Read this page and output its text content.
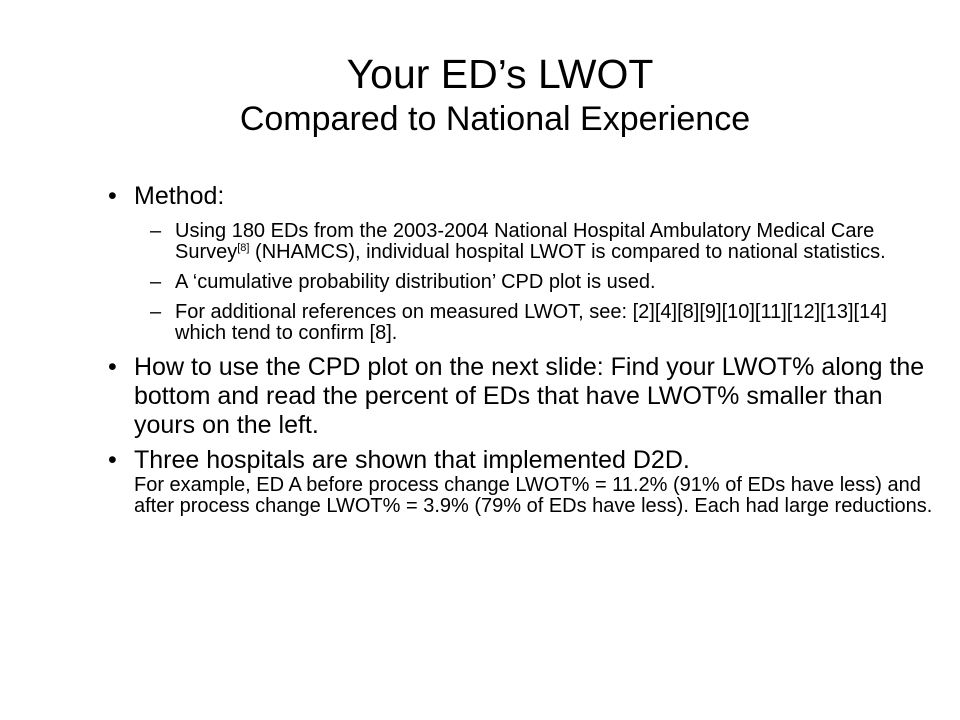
Your ED’s LWOT

Compared to National Experience

• Method:
– Using 180 EDs from the 2003-2004 National Hospital Ambulatory Medical Care Survey[8] (NHAMCS), individual hospital LWOT is compared to national statistics.
– A ‘cumulative probability distribution’ CPD plot is used.
– For additional references on measured LWOT, see: [2][4][8][9][10][11][12][13][14] which tend to confirm [8].
• How to use the CPD plot on the next slide: Find your LWOT% along the bottom and read the percent of EDs that have LWOT% smaller than yours on the left.
• Three hospitals are shown that implemented D2D.
For example, ED A before process change LWOT% = 11.2% (91% of EDs have less) and after process change LWOT% = 3.9% (79% of EDs have less). Each had large reductions.
